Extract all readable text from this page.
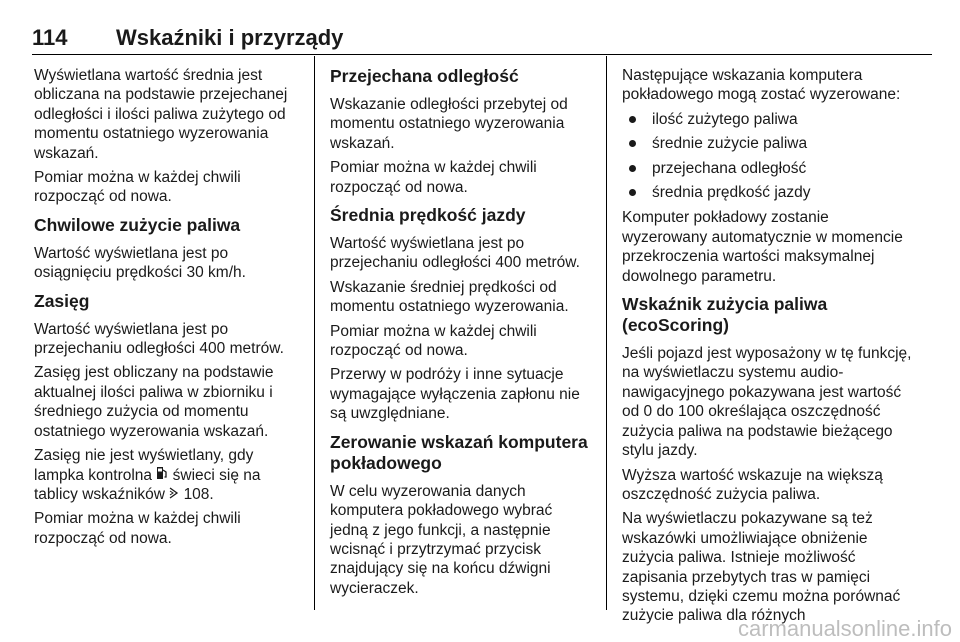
114 Wskaźniki i przyrządy

Wyświetlana wartość średnia jest obliczana na podstawie przejechanej odległości i ilości paliwa zużytego od momentu ostatniego wyzerowania wskazań.

Pomiar można w każdej chwili rozpocząć od nowa.

Chwilowe zużycie paliwa

Wartość wyświetlana jest po osiągnięciu prędkości 30 km/h.

Zasięg

Wartość wyświetlana jest po przejechaniu odległości 400 metrów.

Zasięg jest obliczany na podstawie aktualnej ilości paliwa w zbiorniku i średniego zużycia od momentu ostatniego wyzerowania wskazań.

Zasięg nie jest wyświetlany, gdy lampka kontrolna świeci się na tablicy wskaźników 108.

Pomiar można w każdej chwili rozpocząć od nowa.

Przejechana odległość

Wskazanie odległości przebytej od momentu ostatniego wyzerowania wskazań.

Pomiar można w każdej chwili rozpocząć od nowa.

Średnia prędkość jazdy

Wartość wyświetlana jest po przejechaniu odległości 400 metrów.

Wskazanie średniej prędkości od momentu ostatniego wyzerowania.

Pomiar można w każdej chwili rozpocząć od nowa.

Przerwy w podróży i inne sytuacje wymagające wyłączenia zapłonu nie są uwzględniane.

Zerowanie wskazań komputera pokładowego

W celu wyzerowania danych komputera pokładowego wybrać jedną z jego funkcji, a następnie wcisnąć i przytrzymać przycisk znajdujący się na końcu dźwigni wycieraczek.

Następujące wskazania komputera pokładowego mogą zostać wyzerowane:

ilość zużytego paliwa
średnie zużycie paliwa
przejechana odległość
średnia prędkość jazdy

Komputer pokładowy zostanie wyzerowany automatycznie w momencie przekroczenia wartości maksymalnej dowolnego parametru.

Wskaźnik zużycia paliwa (ecoScoring)

Jeśli pojazd jest wyposażony w tę funkcję, na wyświetlaczu systemu audio-nawigacyjnego pokazywana jest wartość od 0 do 100 określająca oszczędność zużycia paliwa na podstawie bieżącego stylu jazdy.

Wyższa wartość wskazuje na większą oszczędność zużycia paliwa.

Na wyświetlaczu pokazywane są też wskazówki umożliwiające obniżenie zużycia paliwa. Istnieje możliwość zapisania przebytych tras w pamięci systemu, dzięki czemu można porównać zużycie paliwa dla różnych

carmanualsonline.info
